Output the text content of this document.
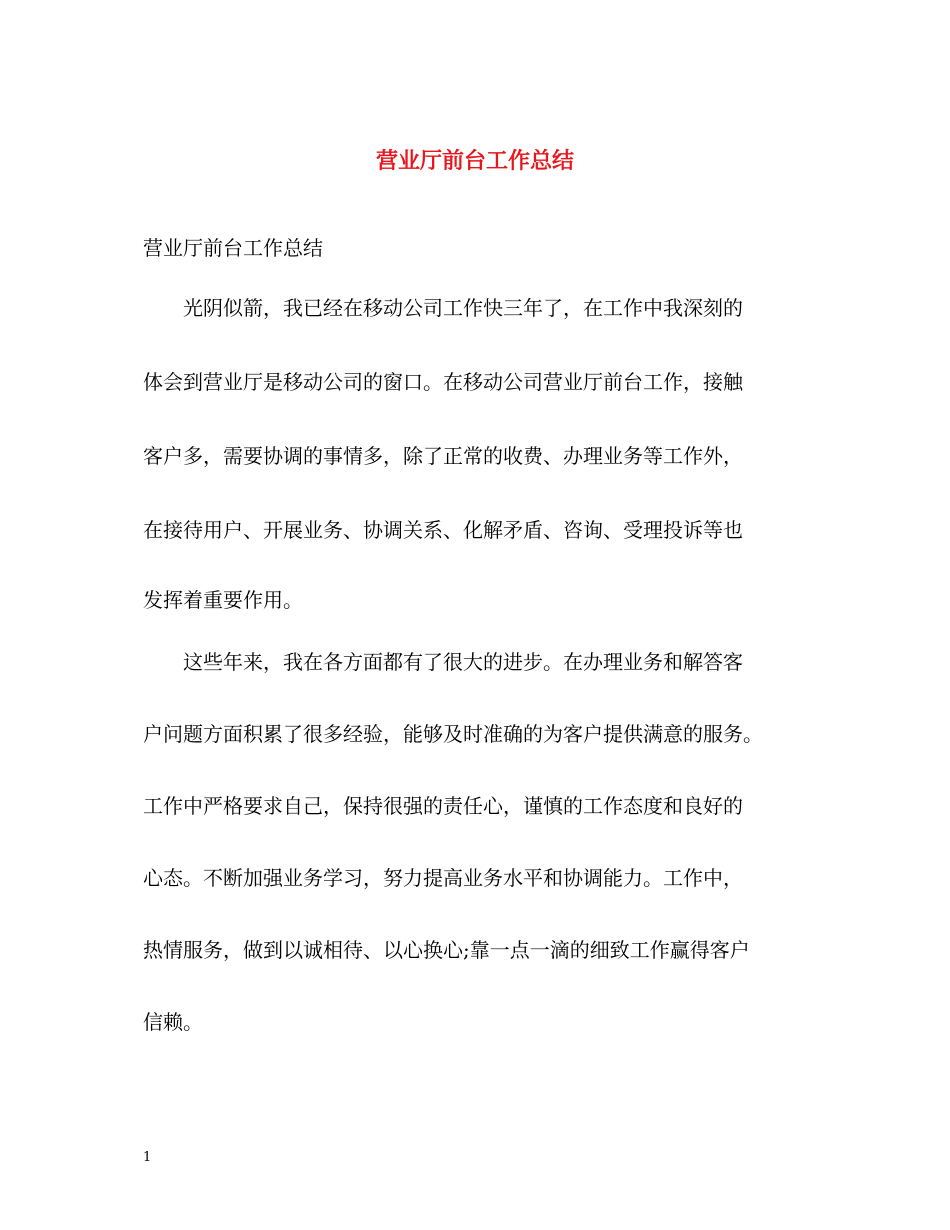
营业厅前台工作总结

营业厅前台工作总结

　　光阴似箭，我已经在移动公司工作快三年了，在工作中我深刻的

体会到营业厅是移动公司的窗口。在移动公司营业厅前台工作，接触

客户多，需要协调的事情多，除了正常的收费、办理业务等工作外，

在接待用户、开展业务、协调关系、化解矛盾、咨询、受理投诉等也

发挥着重要作用。

　　这些年来，我在各方面都有了很大的进步。在办理业务和解答客

户问题方面积累了很多经验，能够及时准确的为客户提供满意的服务。

工作中严格要求自己，保持很强的责任心，谨慎的工作态度和良好的

心态。不断加强业务学习，努力提高业务水平和协调能力。工作中，

热情服务，做到以诚相待、以心换心;靠一点一滴的细致工作赢得客户

信赖。

1
